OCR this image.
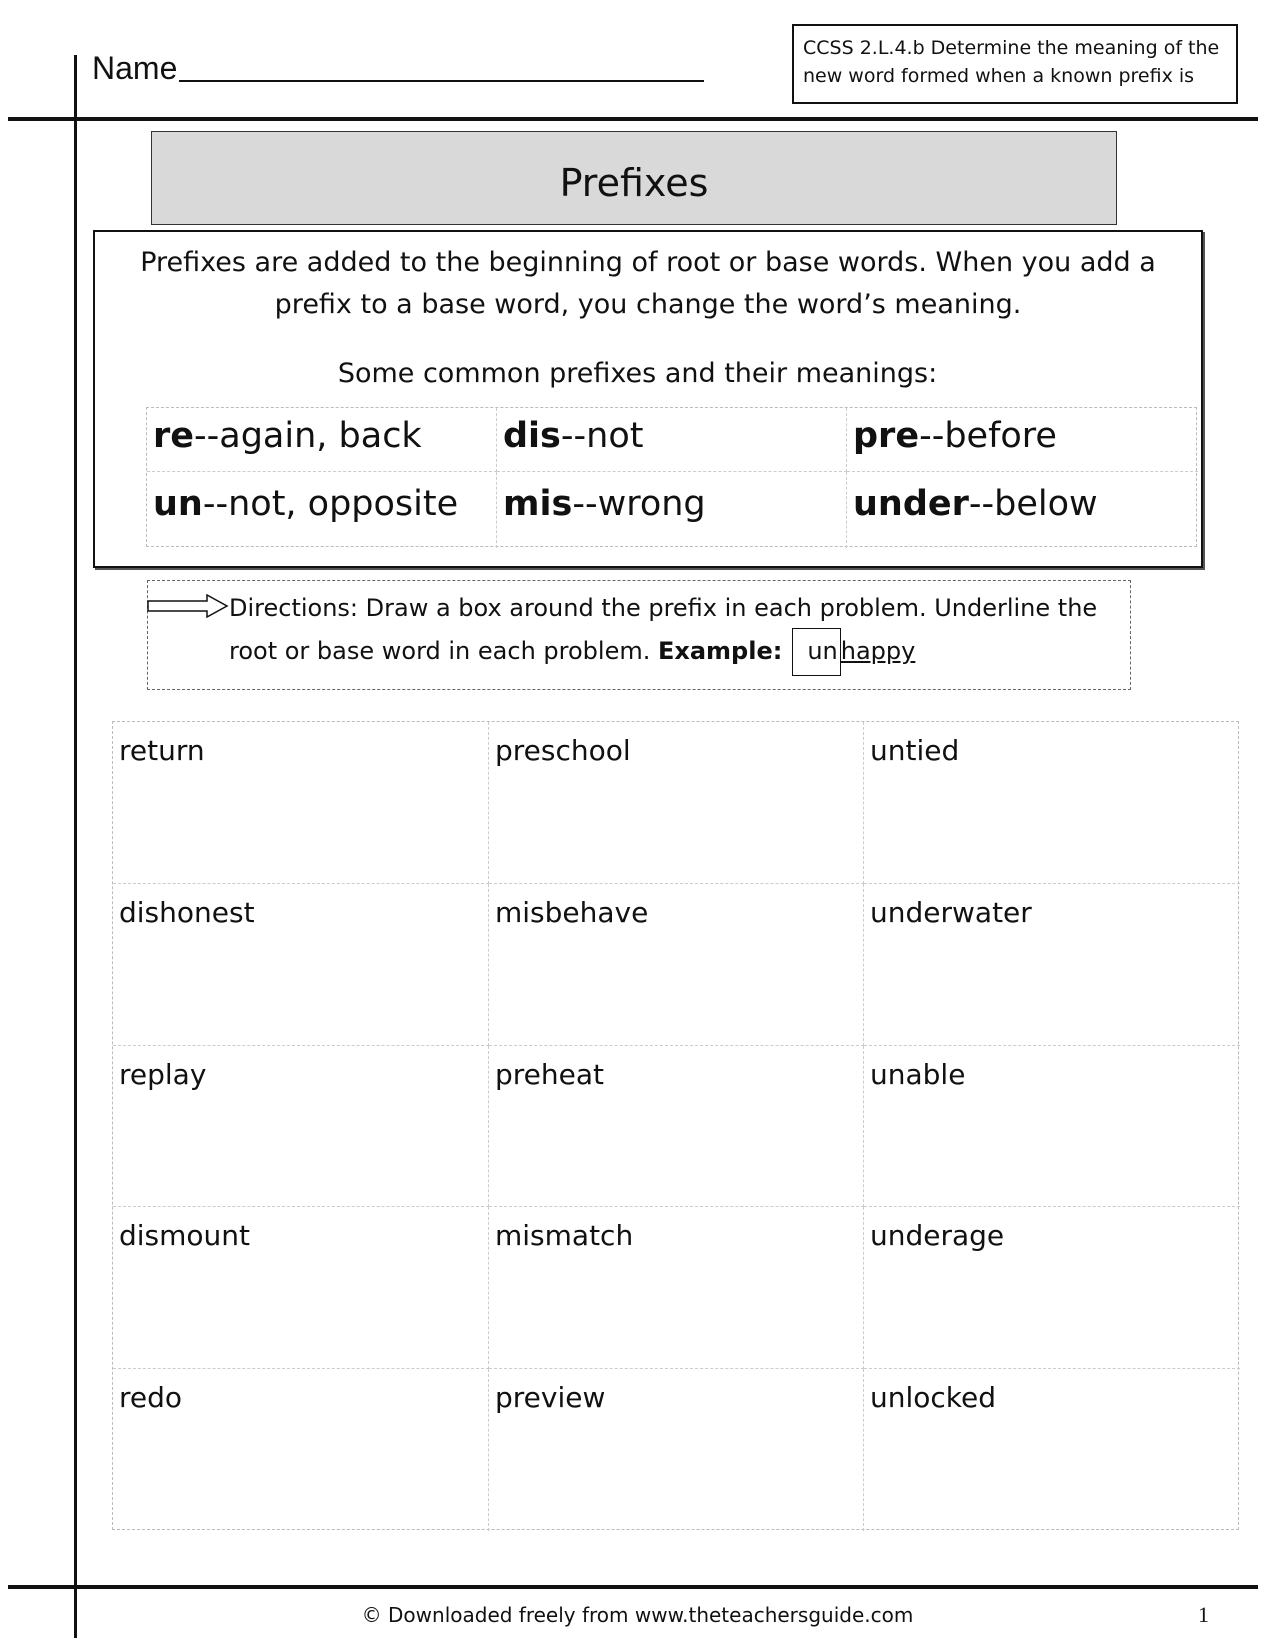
Name
CCSS 2.L.4.b Determine the meaning of the new word formed when a known prefix is
Prefixes
Prefixes are added to the beginning of root or base words. When you add a
prefix to a base word, you change the word’s meaning.
Some common prefixes and their meanings:
re--again, back	dis--not	pre--before
un--not, opposite	mis--wrong	under--below
Directions: Draw a box around the prefix in each problem. Underline the
root or base word in each problem. Example: un happy
return	preschool	untied
dishonest	misbehave	underwater
replay	preheat	unable
dismount	mismatch	underage
redo	preview	unlocked
© Downloaded freely from www.theteachersguide.com	1
